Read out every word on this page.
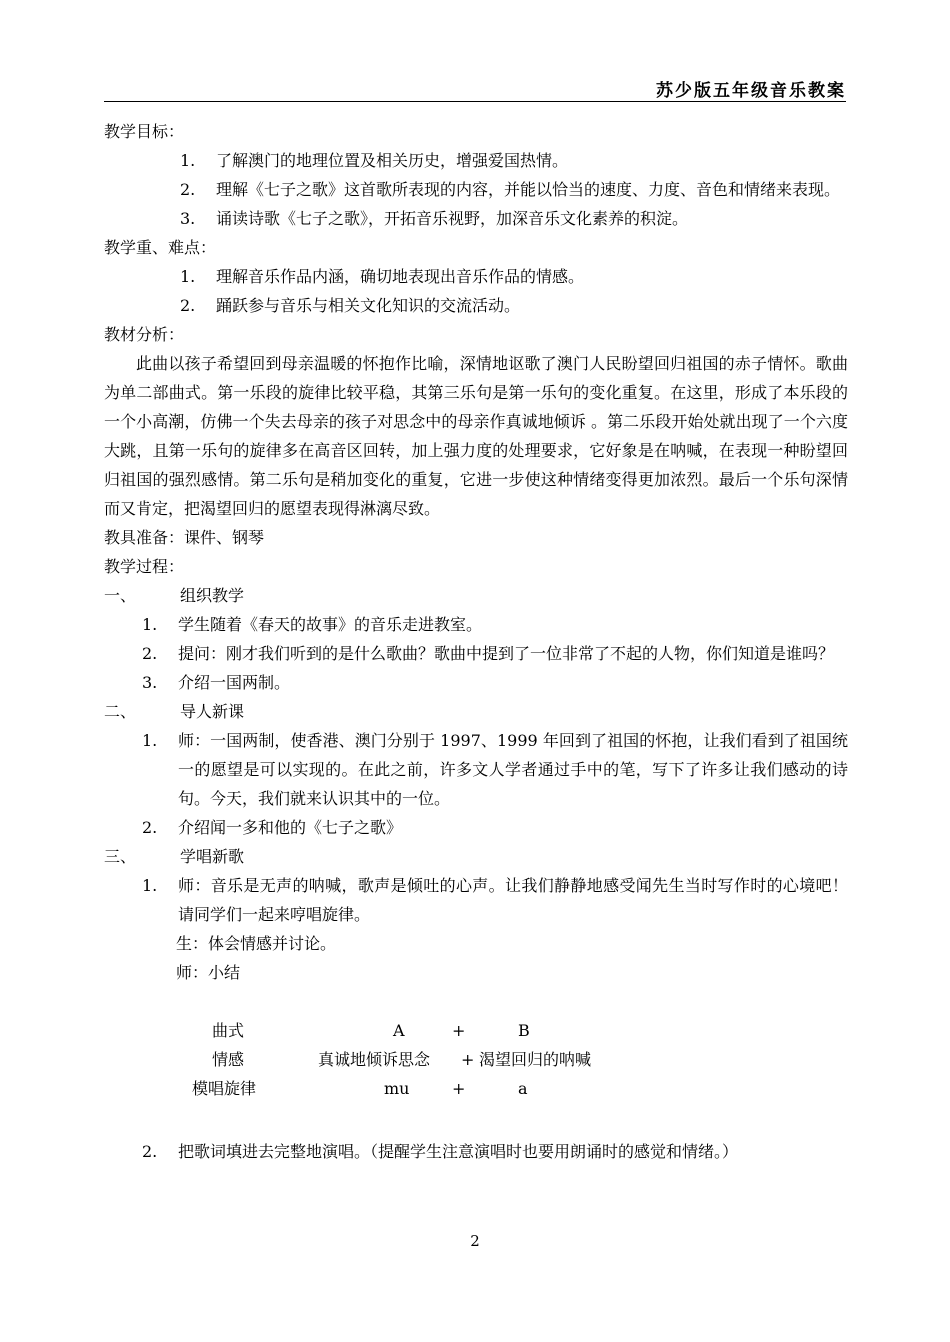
苏少版五年级音乐教案
教学目标：
1.	了解澳门的地理位置及相关历史，增强爱国热情。
2.	理解《七子之歌》这首歌所表现的内容，并能以恰当的速度、力度、音色和情绪来表现。
3.	诵读诗歌《七子之歌》，开拓音乐视野，加深音乐文化素养的积淀。
教学重、难点：
1.	理解音乐作品内涵，确切地表现出音乐作品的情感。
2.	踊跃参与音乐与相关文化知识的交流活动。
教材分析：
此曲以孩子希望回到母亲温暖的怀抱作比喻，深情地讴歌了澳门人民盼望回归祖国的赤子情怀。歌曲为单二部曲式。第一乐段的旋律比较平稳，其第三乐句是第一乐句的变化重复。在这里，形成了本乐段的一个小高潮，仿佛一个失去母亲的孩子对思念中的母亲作真诚地倾诉 。第二乐段开始处就出现了一个六度大跳，且第一乐句的旋律多在高音区回转，加上强力度的处理要求，它好象是在呐喊，在表现一种盼望回归祖国的强烈感情。第二乐句是稍加变化的重复，它进一步使这种情绪变得更加浓烈。最后一个乐句深情而又肯定，把渴望回归的愿望表现得淋漓尽致。
教具准备：课件、钢琴
教学过程：
一、	组织教学
1.	学生随着《春天的故事》的音乐走进教室。
2.	提问：刚才我们听到的是什么歌曲？歌曲中提到了一位非常了不起的人物，你们知道是谁吗？
3.	介绍一国两制。
二、	导人新课
1.	师：一国两制，使香港、澳门分别于 1997、1999 年回到了祖国的怀抱，让我们看到了祖国统一的愿望是可以实现的。在此之前，许多文人学者通过手中的笔，写下了许多让我们感动的诗句。今天，我们就来认识其中的一位。
2.	介绍闻一多和他的《七子之歌》
三、	学唱新歌
1.	师：音乐是无声的呐喊，歌声是倾吐的心声。让我们静静地感受闻先生当时写作时的心境吧！请同学们一起来哼唱旋律。
生：体会情感并讨论。
师：小结
曲式	A	+	B
情感	真诚地倾诉思念 + 渴望回归的呐喊
模唱旋律	mu	+	a
2.	把歌词填进去完整地演唱。（提醒学生注意演唱时也要用朗诵时的感觉和情绪。）
2
